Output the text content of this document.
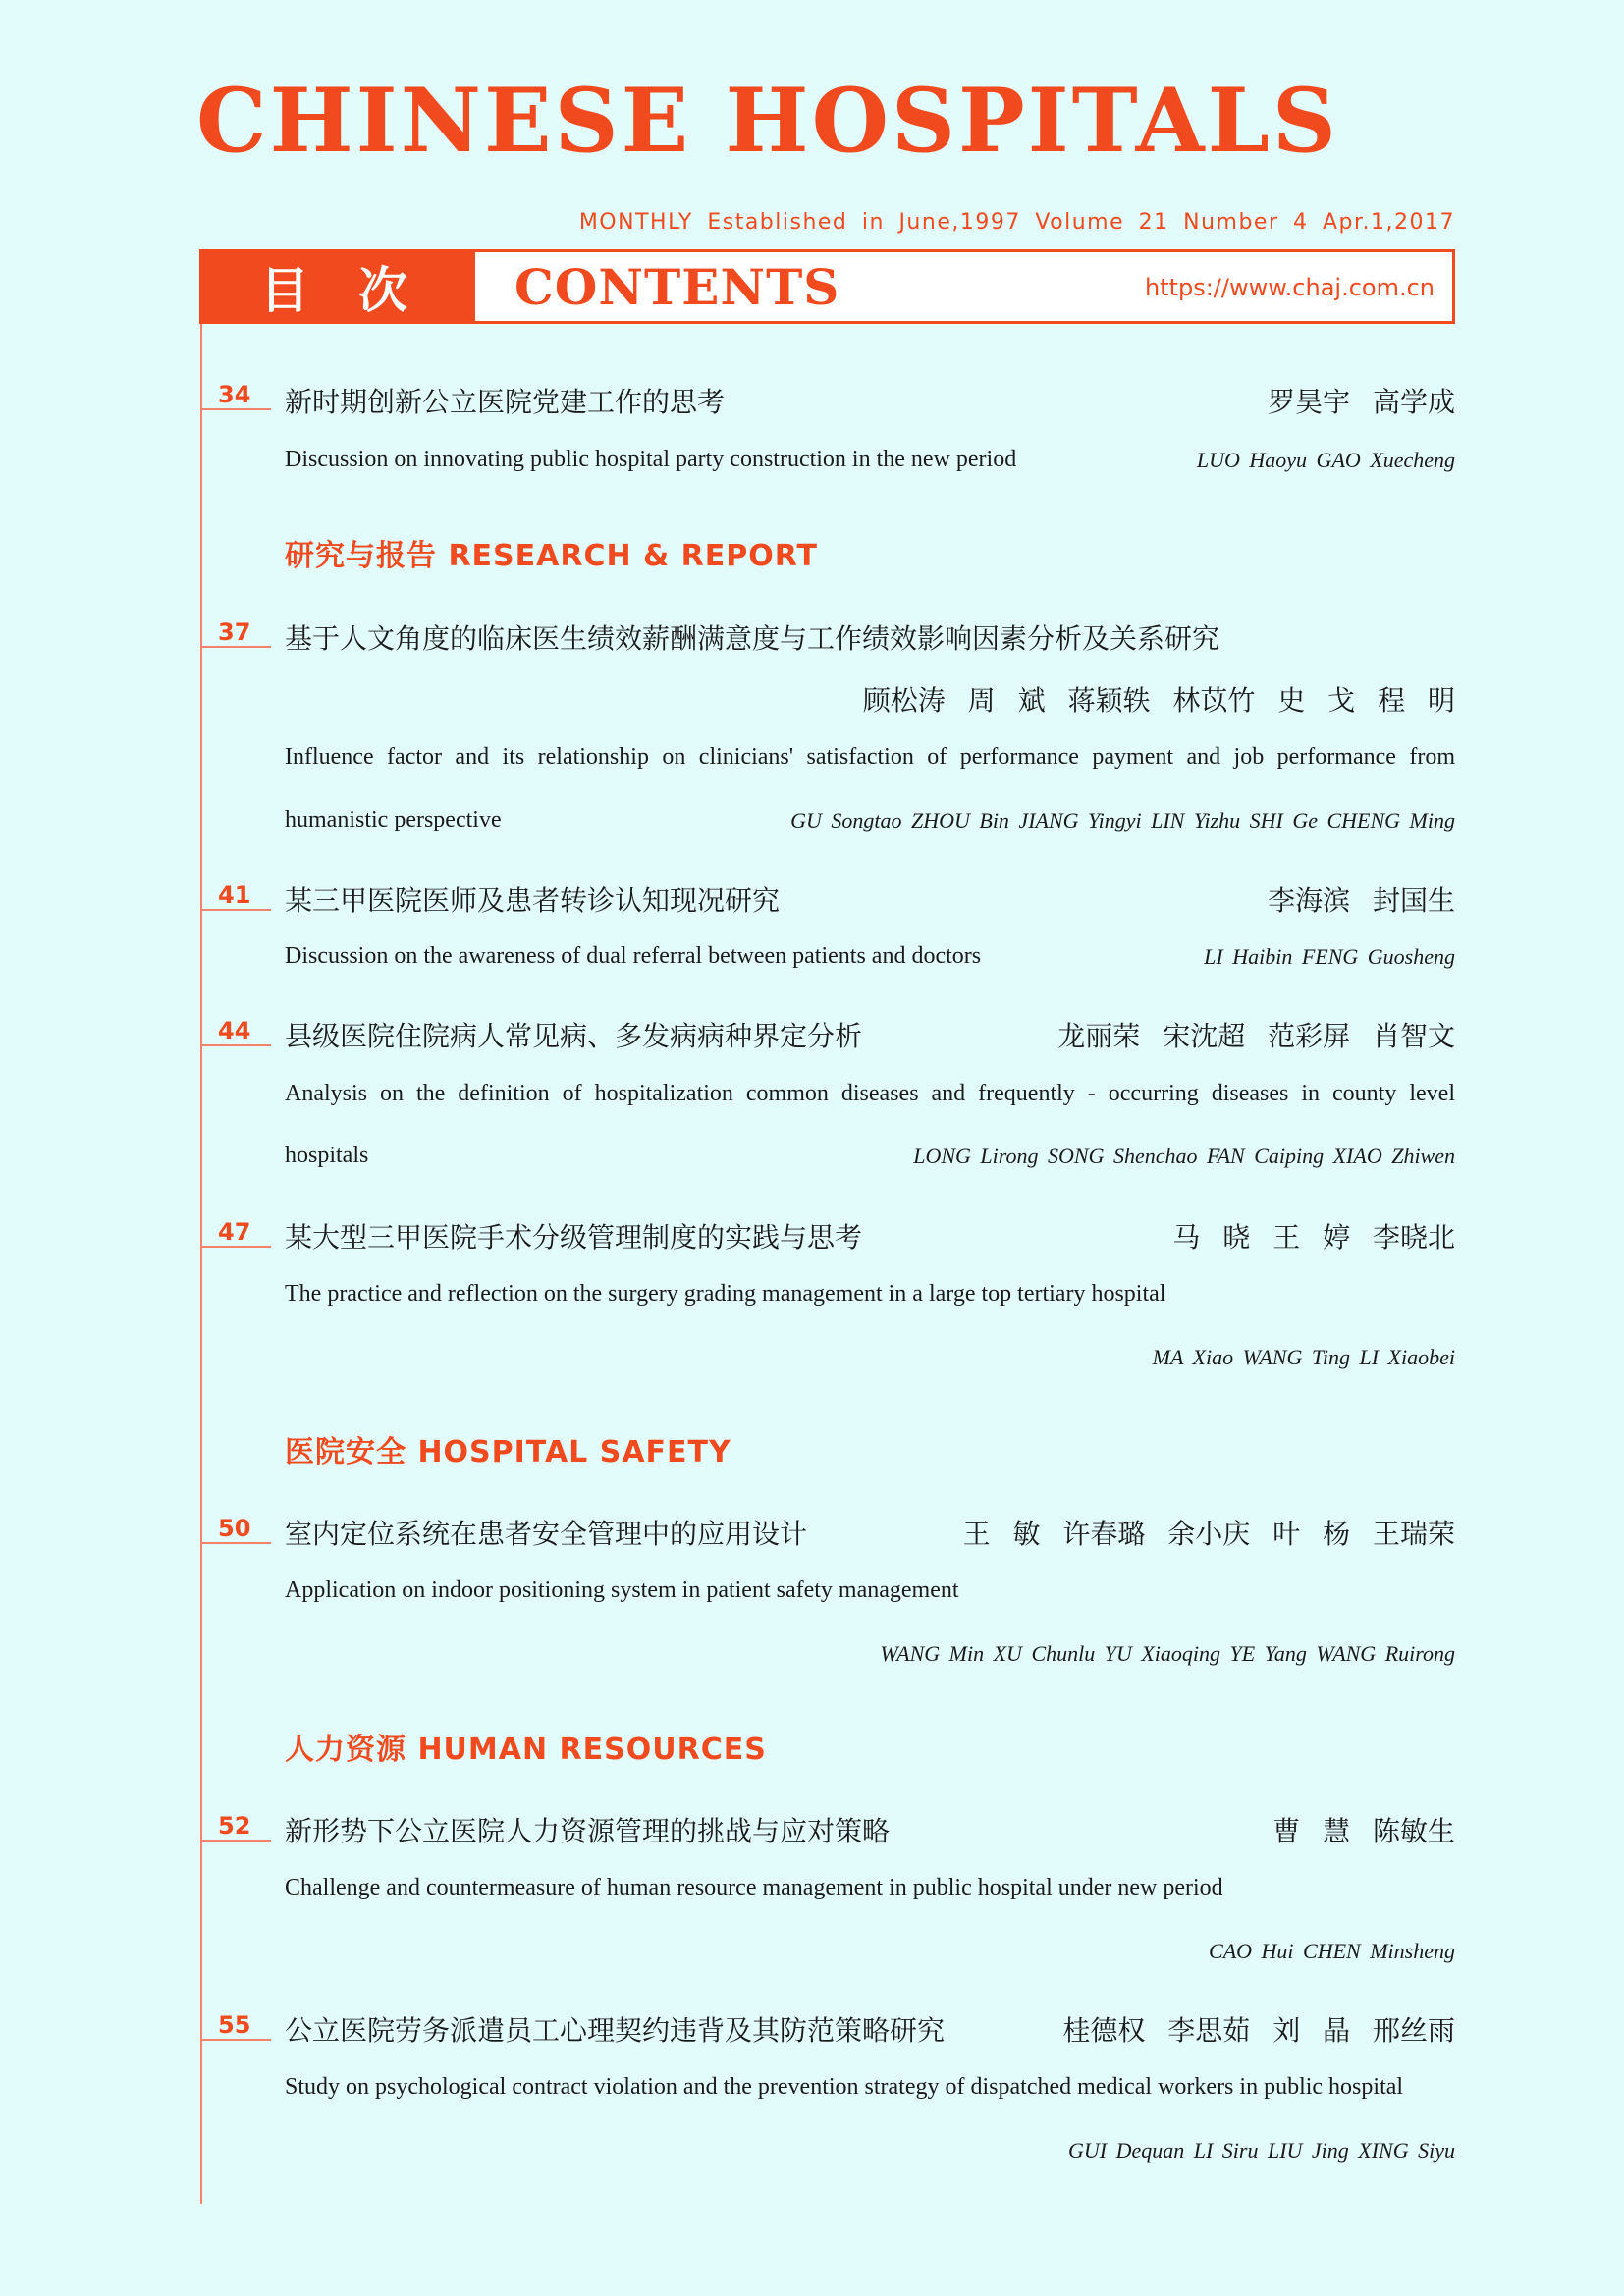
CHINESE HOSPITALS
MONTHLY Established in June,1997 Volume 21 Number 4 Apr.1,2017
目次	CONTENTS	https://www.chaj.com.cn
34 新时期创新公立医院党建工作的思考	罗昊宇 高学成
Discussion on innovating public hospital party construction in the new period	LUO Haoyu GAO Xuecheng
研究与报告 RESEARCH & REPORT
37 基于人文角度的临床医生绩效薪酬满意度与工作绩效影响因素分析及关系研究
顾松涛 周 斌 蒋颖轶 林苡竹 史 戈 程 明
Influence factor and its relationship on clinicians' satisfaction of performance payment and job performance from
humanistic perspective	GU Songtao ZHOU Bin JIANG Yingyi LIN Yizhu SHI Ge CHENG Ming
41 某三甲医院医师及患者转诊认知现况研究	李海滨 封国生
Discussion on the awareness of dual referral between patients and doctors	LI Haibin FENG Guosheng
44 县级医院住院病人常见病、多发病病种界定分析	龙丽荣 宋沈超 范彩屏 肖智文
Analysis on the definition of hospitalization common diseases and frequently - occurring diseases in county level
hospitals	LONG Lirong SONG Shenchao FAN Caiping XIAO Zhiwen
47 某大型三甲医院手术分级管理制度的实践与思考	马 晓 王 婷 李晓北
The practice and reflection on the surgery grading management in a large top tertiary hospital
MA Xiao WANG Ting LI Xiaobei
医院安全 HOSPITAL SAFETY
50 室内定位系统在患者安全管理中的应用设计	王 敏 许春璐 余小庆 叶 杨 王瑞荣
Application on indoor positioning system in patient safety management
WANG Min XU Chunlu YU Xiaoqing YE Yang WANG Ruirong
人力资源 HUMAN RESOURCES
52 新形势下公立医院人力资源管理的挑战与应对策略	曹 慧 陈敏生
Challenge and countermeasure of human resource management in public hospital under new period
CAO Hui CHEN Minsheng
55 公立医院劳务派遣员工心理契约违背及其防范策略研究	桂德权 李思茹 刘 晶 邢丝雨
Study on psychological contract violation and the prevention strategy of dispatched medical workers in public hospital
GUI Dequan LI Siru LIU Jing XING Siyu
